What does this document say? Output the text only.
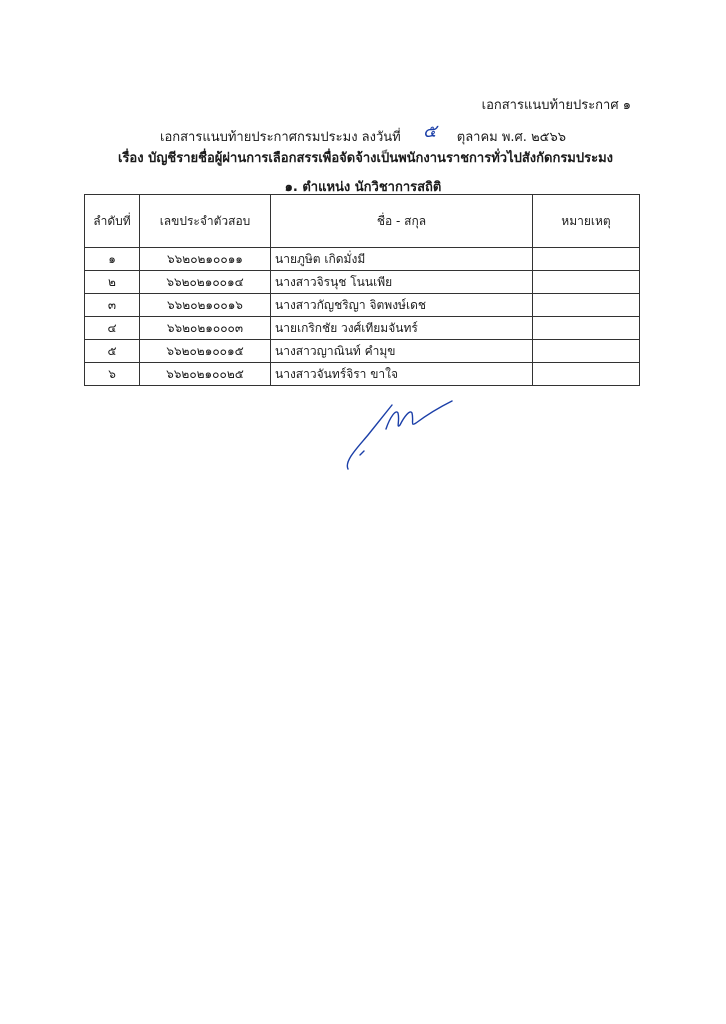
เอกสารแนบท้ายประกาศ ๑
เอกสารแนบท้ายประกาศกรมประมง ลงวันที่ ๕ ตุลาคม พ.ศ. ๒๕๖๖
เรื่อง บัญชีรายชื่อผู้ผ่านการเลือกสรรเพื่อจัดจ้างเป็นพนักงานราชการทั่วไปสังกัดกรมประมง
๑. ตำแหน่ง นักวิชาการสถิติ
ลำดับที่	เลขประจำตัวสอบ	ชื่อ - สกุล	หมายเหตุ
๑	๖๖๒๐๒๑๐๐๑๑	นายภูษิต เกิดมั่งมี	
๒	๖๖๒๐๒๑๐๐๑๔	นางสาวจิรนุช โนนเพีย	
๓	๖๖๒๐๒๑๐๐๑๖	นางสาวกัญชริญา จิตพงษ์เดช	
๔	๖๖๒๐๒๑๐๐๐๓	นายเกริกชัย วงศ์เทียมจันทร์	
๕	๖๖๒๐๒๑๐๐๑๕	นางสาวญาณินท์ คำมุข	
๖	๖๖๒๐๒๑๐๐๒๕	นางสาวจันทร์จิรา ขาใจ	
